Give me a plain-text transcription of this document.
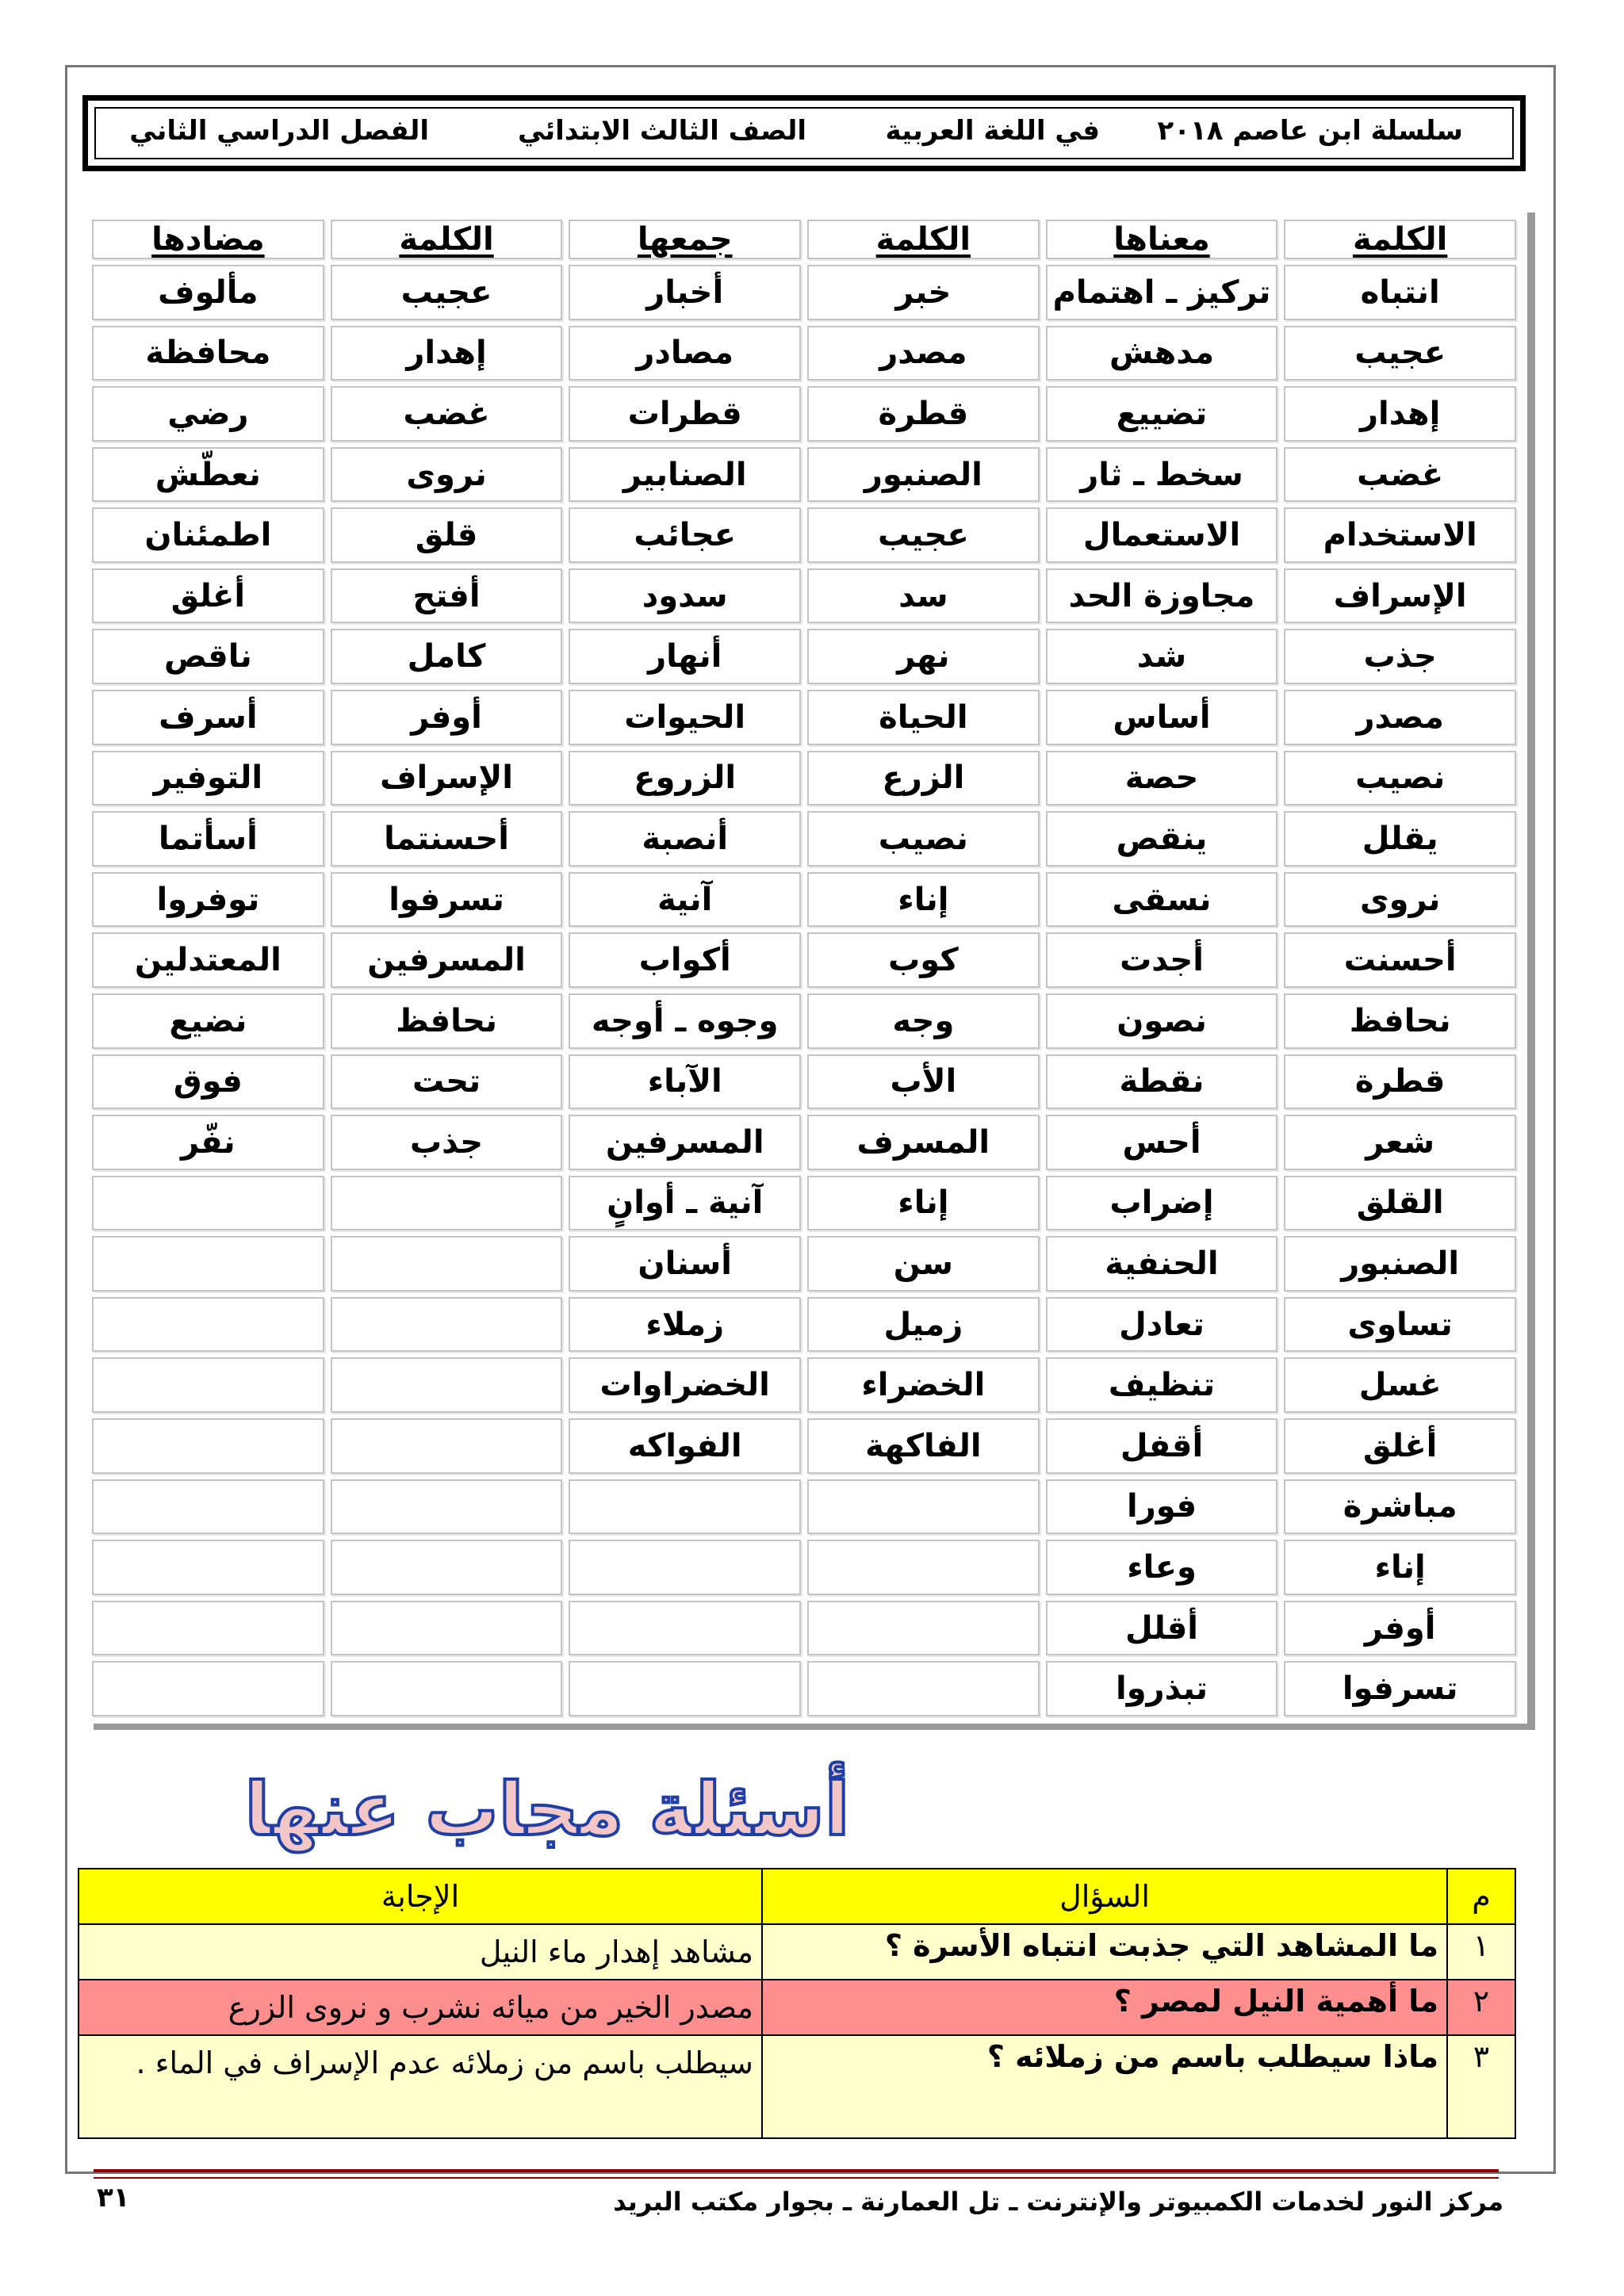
سلسلة ابن عاصم ٢٠١٨
في اللغة العربية
الصف الثالث الابتدائي
الفصل الدراسي الثاني
الكلمة	معناها	الكلمة	جمعها	الكلمة	مضادها
انتباه	تركيز ـ اهتمام	خبر	أخبار	عجيب	مألوف
عجيب	مدهش	مصدر	مصادر	إهدار	محافظة
إهدار	تضييع	قطرة	قطرات	غضب	رضي
غضب	سخط ـ ثار	الصنبور	الصنابير	نروى	نعطّش
الاستخدام	الاستعمال	عجيب	عجائب	قلق	اطمئنان
الإسراف	مجاوزة الحد	سد	سدود	أفتح	أغلق
جذب	شد	نهر	أنهار	كامل	ناقص
مصدر	أساس	الحياة	الحيوات	أوفر	أسرف
نصيب	حصة	الزرع	الزروع	الإسراف	التوفير
يقلل	ينقص	نصيب	أنصبة	أحسنتما	أسأتما
نروى	نسقى	إناء	آنية	تسرفوا	توفروا
أحسنت	أجدت	كوب	أكواب	المسرفين	المعتدلين
نحافظ	نصون	وجه	وجوه ـ أوجه	نحافظ	نضيع
قطرة	نقطة	الأب	الآباء	تحت	فوق
شعر	أحس	المسرف	المسرفين	جذب	نفّر
القلق	إضراب	إناء	آنية ـ أوانٍ		
الصنبور	الحنفية	سن	أسنان		
تساوى	تعادل	زميل	زملاء		
غسل	تنظيف	الخضراء	الخضراوات		
أغلق	أقفل	الفاكهة	الفواكه		
مباشرة	فورا				
إناء	وعاء				
أوفر	أقلل				
تسرفوا	تبذروا				
أسئلة مجاب عنها
م	السؤال	الإجابة
١	ما المشاهد التي جذبت انتباه الأسرة ؟	مشاهد إهدار ماء النيل
٢	ما أهمية النيل لمصر ؟	مصدر الخير من ميائه نشرب و نروى الزرع
٣	ماذا سيطلب باسم من زملائه ؟	سيطلب باسم من زملائه عدم الإسراف في الماء .
مركز النور لخدمات الكمبيوتر والإنترنت ـ تل العمارنة ـ بجوار مكتب البريد
٣١
